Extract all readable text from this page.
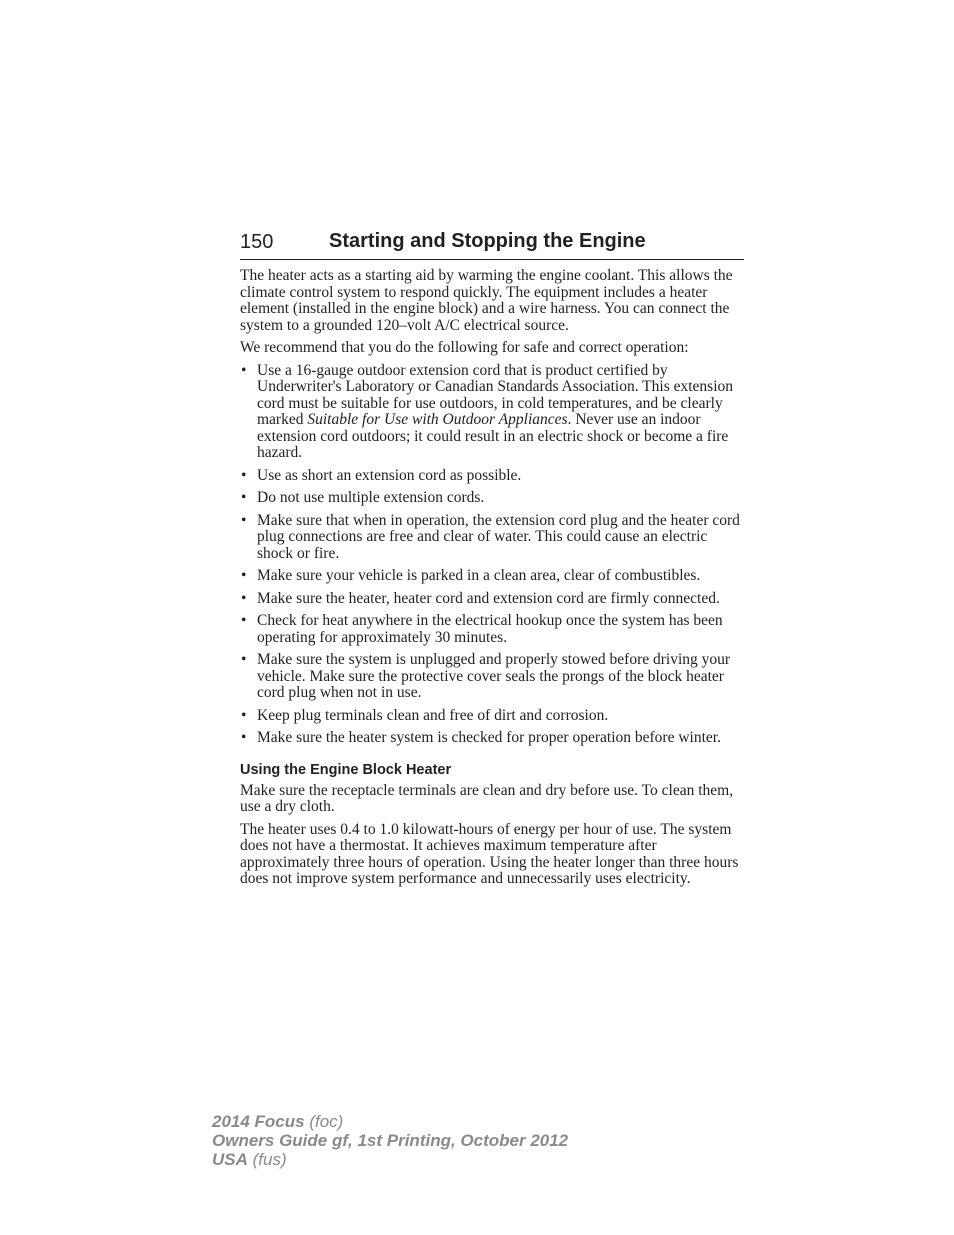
150	Starting and Stopping the Engine

The heater acts as a starting aid by warming the engine coolant. This allows the climate control system to respond quickly. The equipment includes a heater element (installed in the engine block) and a wire harness. You can connect the system to a grounded 120–volt A/C electrical source.

We recommend that you do the following for safe and correct operation:

• Use a 16-gauge outdoor extension cord that is product certified by Underwriter's Laboratory or Canadian Standards Association. This extension cord must be suitable for use outdoors, in cold temperatures, and be clearly marked Suitable for Use with Outdoor Appliances. Never use an indoor extension cord outdoors; it could result in an electric shock or become a fire hazard.
• Use as short an extension cord as possible.
• Do not use multiple extension cords.
• Make sure that when in operation, the extension cord plug and the heater cord plug connections are free and clear of water. This could cause an electric shock or fire.
• Make sure your vehicle is parked in a clean area, clear of combustibles.
• Make sure the heater, heater cord and extension cord are firmly connected.
• Check for heat anywhere in the electrical hookup once the system has been operating for approximately 30 minutes.
• Make sure the system is unplugged and properly stowed before driving your vehicle. Make sure the protective cover seals the prongs of the block heater cord plug when not in use.
• Keep plug terminals clean and free of dirt and corrosion.
• Make sure the heater system is checked for proper operation before winter.
Using the Engine Block Heater

Make sure the receptacle terminals are clean and dry before use. To clean them, use a dry cloth.

The heater uses 0.4 to 1.0 kilowatt-hours of energy per hour of use. The system does not have a thermostat. It achieves maximum temperature after approximately three hours of operation. Using the heater longer than three hours does not improve system performance and unnecessarily uses electricity.

2014 Focus (foc)
Owners Guide gf, 1st Printing, October 2012
USA (fus)
